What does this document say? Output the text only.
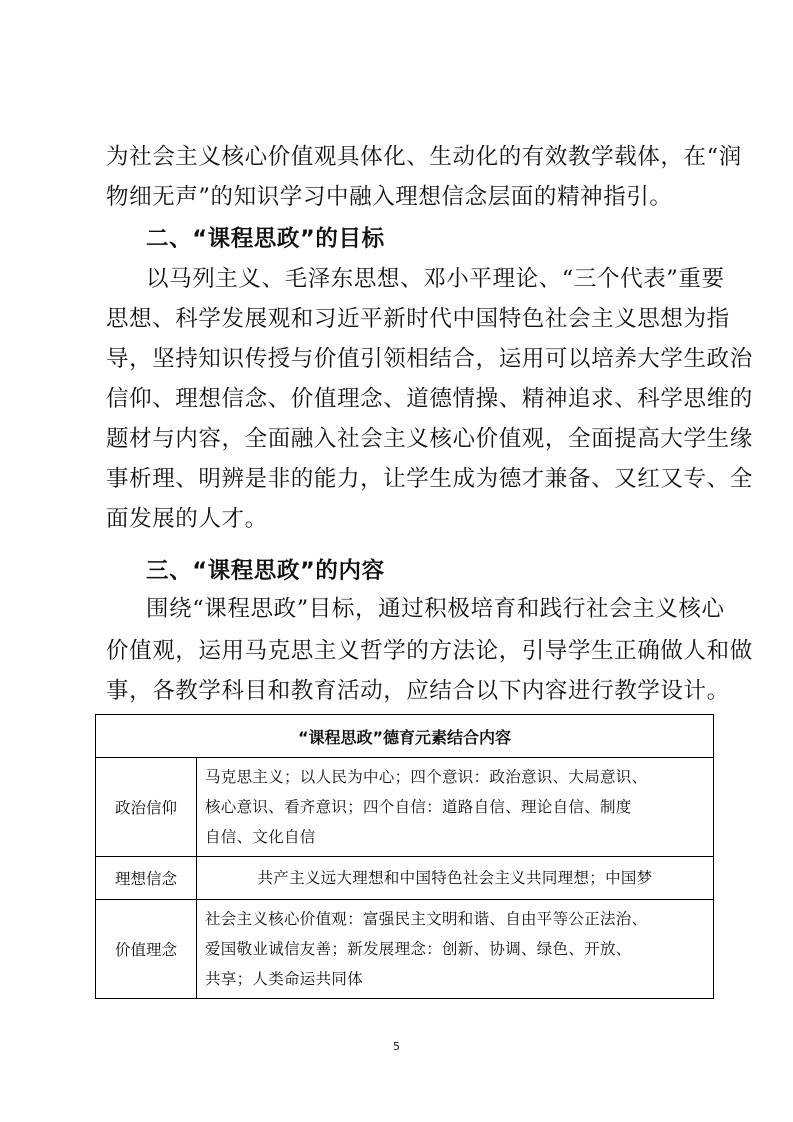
为社会主义核心价值观具体化、生动化的有效教学载体，在“润
物细无声”的知识学习中融入理想信念层面的精神指引。
二、“课程思政”的目标
以马列主义、毛泽东思想、邓小平理论、“三个代表”重要
思想、科学发展观和习近平新时代中国特色社会主义思想为指
导，坚持知识传授与价值引领相结合，运用可以培养大学生政治
信仰、理想信念、价值理念、道德情操、精神追求、科学思维的
题材与内容，全面融入社会主义核心价值观，全面提高大学生缘
事析理、明辨是非的能力，让学生成为德才兼备、又红又专、全
面发展的人才。
三、“课程思政”的内容
围绕“课程思政”目标，通过积极培育和践行社会主义核心
价值观，运用马克思主义哲学的方法论，引导学生正确做人和做
事，各教学科目和教育活动，应结合以下内容进行教学设计。
“课程思政”德育元素结合内容	
政治信仰	马克思主义；以人民为中心；四个意识：政治意识、大局意识、
核心意识、看齐意识；四个自信：道路自信、理论自信、制度
自信、文化自信

理想信念	共产主义远大理想和中国特色社会主义共同理想；中国梦

价值理念	社会主义核心价值观：富强民主文明和谐、自由平等公正法治、
爱国敬业诚信友善；新发展理念：创新、协调、绿色、开放、
共享；人类命运共同体
5
